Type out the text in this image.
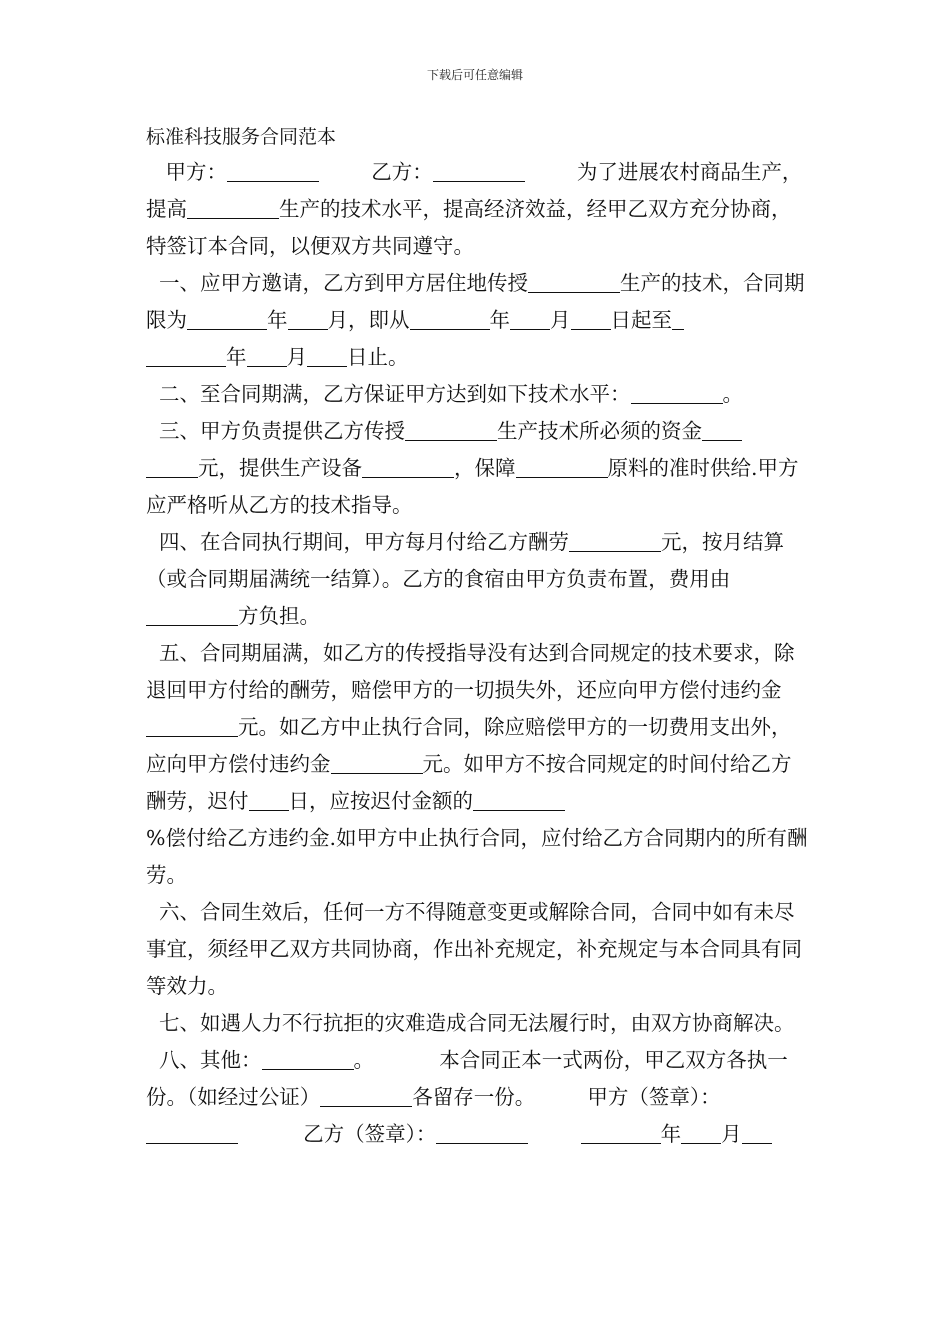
下载后可任意编辑
标准科技服务合同范本

甲方：	乙方：	为了进展农村商品生产，提高	生产的技术水平，提高经济效益，经甲乙双方充分协商，特签订本合同，以便双方共同遵守。

一、应甲方邀请，乙方到甲方居住地传授	生产的技术，合同期限为	年 月，即从	年 月 日起至
年 月 日止。

二、至合同期满，乙方保证甲方达到如下技术水平：	。

三、甲方负责提供乙方传授	生产技术所必须的资金
元，提供生产设备	，保障	原料的准时供给.甲方应严格听从乙方的技术指导。

四、在合同执行期间，甲方每月付给乙方酬劳	元，按月结算（或合同期届满统一结算）。乙方的食宿由甲方负责布置，费用由方负担。

五、合同期届满，如乙方的传授指导没有达到合同规定的技术要求，除退回甲方付给的酬劳，赔偿甲方的一切损失外，还应向甲方偿付违约金元。如乙方中止执行合同，除应赔偿甲方的一切费用支出外，应向甲方偿付违约金	元。如甲方不按合同规定的时间付给乙方酬劳，迟付 日，应按迟付金额的
%偿付给乙方违约金.如甲方中止执行合同，应付给乙方合同期内的所有酬劳。

六、合同生效后，任何一方不得随意变更或解除合同，合同中如有未尽事宜，须经甲乙双方共同协商，作出补充规定，补充规定与本合同具有同等效力。

七、如遇人力不行抗拒的灾难造成合同无法履行时，由双方协商解决。

八、其他：	。          本合同正本一式两份，甲乙双方各执一份。（如经过公证）	各留存一份。        甲方（签章）：
乙方（签章）：	年 月
